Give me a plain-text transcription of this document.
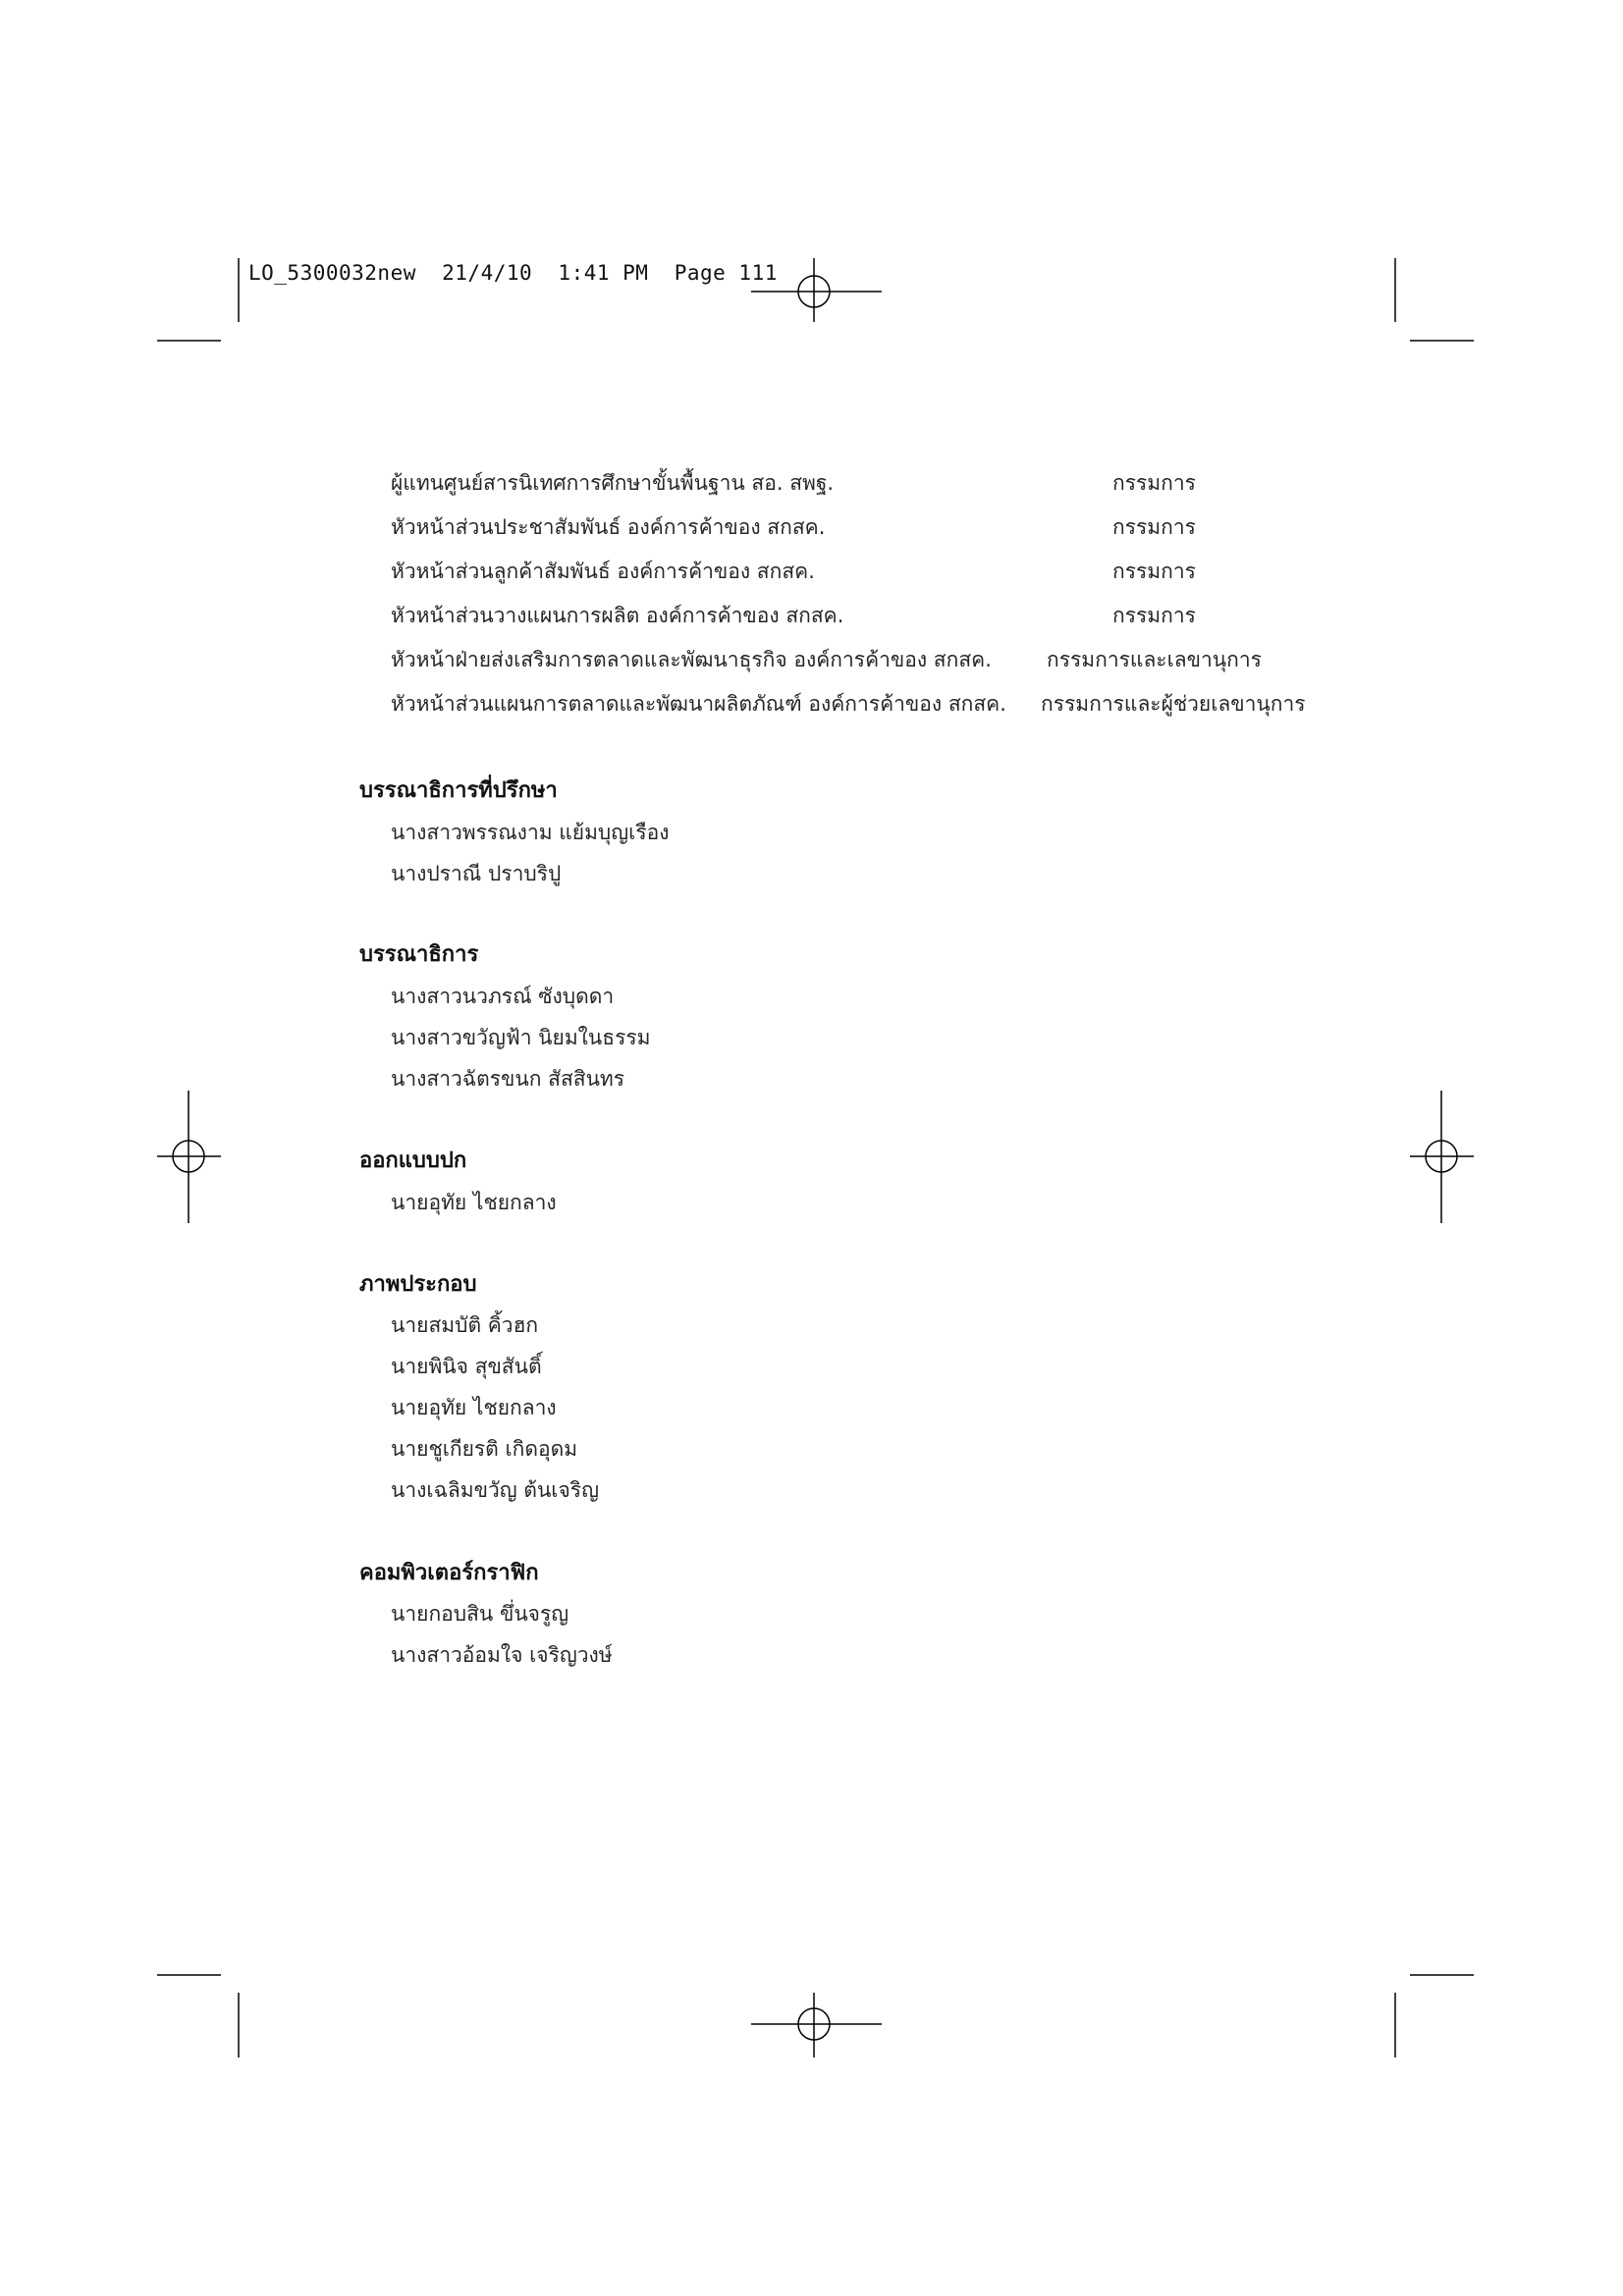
LO_5300032new  21/4/10  1:41 PM  Page 111
ผู้แทนศูนย์สารนิเทศการศึกษาขั้นพื้นฐาน สอ. สพฐ.	กรรมการ
หัวหน้าส่วนประชาสัมพันธ์ องค์การค้าของ สกสค.	กรรมการ
หัวหน้าส่วนลูกค้าสัมพันธ์ องค์การค้าของ สกสค.	กรรมการ
หัวหน้าส่วนวางแผนการผลิต องค์การค้าของ สกสค.	กรรมการ
หัวหน้าฝ่ายส่งเสริมการตลาดและพัฒนาธุรกิจ องค์การค้าของ สกสค.	กรรมการและเลขานุการ
หัวหน้าส่วนแผนการตลาดและพัฒนาผลิตภัณฑ์ องค์การค้าของ สกสค. กรรมการและผู้ช่วยเลขานุการ
บรรณาธิการที่ปรึกษา
นางสาวพรรณงาม แย้มบุญเรือง
นางปราณี ปราบริปู
บรรณาธิการ
นางสาวนวภรณ์ ซังบุดดา
นางสาวขวัญฟ้า นิยมในธรรม
นางสาวฉัตรขนก สัสสินทร
ออกแบบปก
นายอุทัย ไชยกลาง
ภาพประกอบ
นายสมบัติ คิ้วฮก
นายพินิจ สุขสันติ์
นายอุทัย ไชยกลาง
นายชูเกียรติ เกิดอุดม
นางเฉลิมขวัญ ต้นเจริญ
คอมพิวเตอร์กราฟิก
นายกอบสิน ขึ่นจรูญ
นางสาวอ้อมใจ เจริญวงษ์
